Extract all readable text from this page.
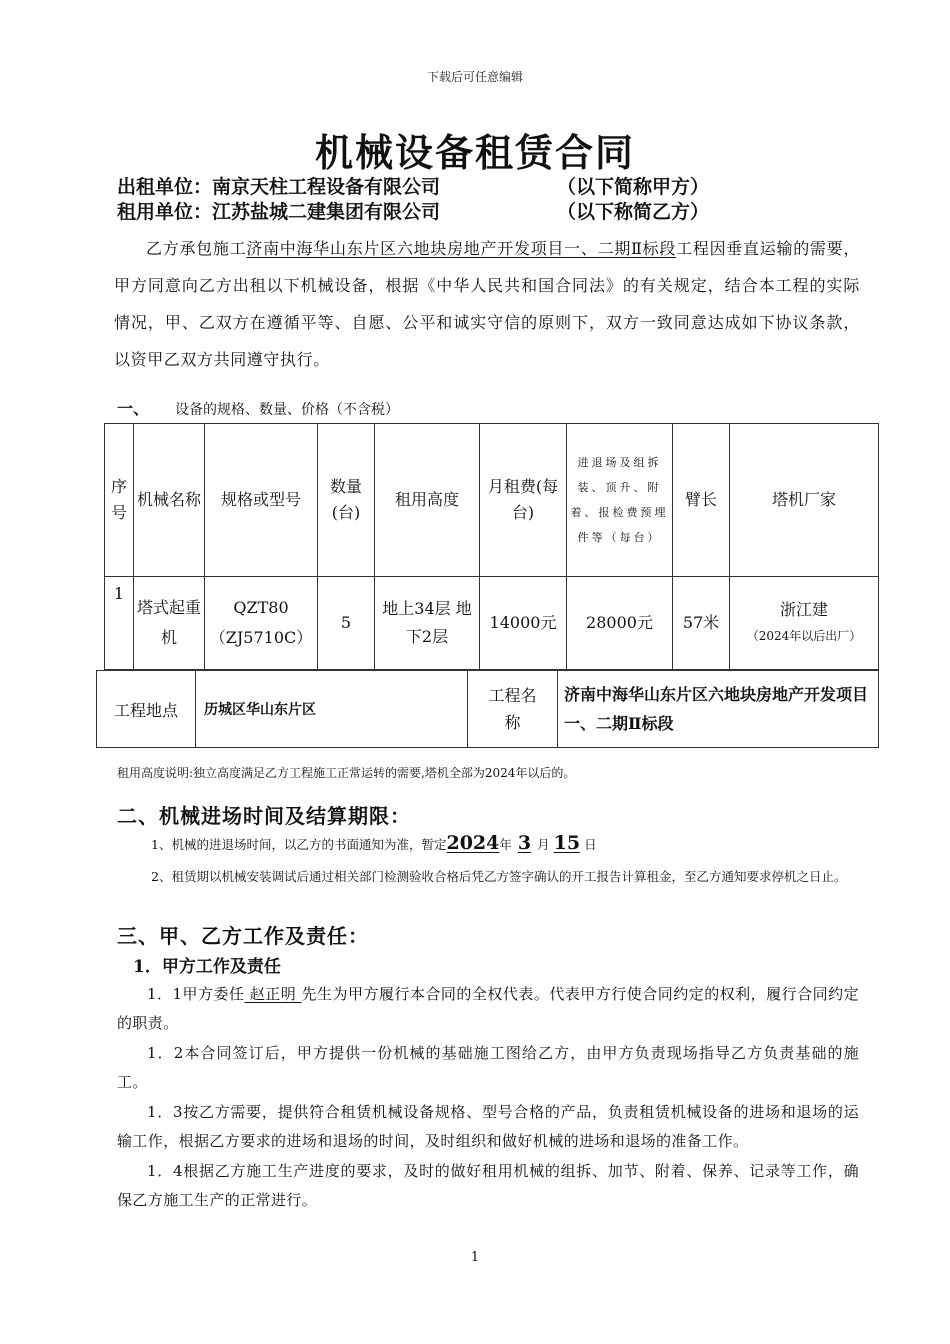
下载后可任意编辑
机械设备租赁合同
出租单位：南京天柱工程设备有限公司	（以下简称甲方）
租用单位：江苏盐城二建集团有限公司	（以下称简乙方）

乙方承包施工济南中海华山东片区六地块房地产开发项目一、二期Ⅱ标段工程因垂直运输的需要，甲方同意向乙方出租以下机械设备，根据《中华人民共和国合同法》的有关规定，结合本工程的实际情况，甲、乙双方在遵循平等、自愿、公平和诚实守信的原则下，双方一致同意达成如下协议条款，以资甲乙双方共同遵守执行。

一、 设备的规格、数量、价格（不含税）
序号	机械名称	规格或型号	数量(台)	租用高度	月租费(每台)	进退场及组拆装、顶升、附着、报检费预埋件等（每台）	臂长	塔机厂家
1	塔式起重机	QZT80（ZJ5710C）	5	地上34层 地下2层	14000元	28000元	57米	浙江建
（2024年以后出厂）
工程地点	历城区华山东片区	工程名称	济南中海华山东片区六地块房地产开发项目一、二期Ⅱ标段
租用高度说明:独立高度满足乙方工程施工正常运转的需要,塔机全部为2024年以后的。
二、机械进场时间及结算期限：
1、机械的进退场时间，以乙方的书面通知为准，暂定2024年 3 月 15 日
2、租赁期以机械安装调试后通过相关部门检测验收合格后凭乙方签字确认的开工报告计算租金，至乙方通知要求停机之日止。
三、甲、乙方工作及责任：
1．甲方工作及责任

1．1甲方委任 赵正明 先生为甲方履行本合同的全权代表。代表甲方行使合同约定的权利，履行合同约定的职责。

1．2本合同签订后，甲方提供一份机械的基础施工图给乙方，由甲方负责现场指导乙方负责基础的施工。

1．3按乙方需要，提供符合租赁机械设备规格、型号合格的产品，负责租赁机械设备的进场和退场的运输工作，根据乙方要求的进场和退场的时间，及时组织和做好机械的进场和退场的准备工作。

1．4根据乙方施工生产进度的要求，及时的做好租用机械的组拆、加节、附着、保养、记录等工作，确保乙方施工生产的正常进行。

1
